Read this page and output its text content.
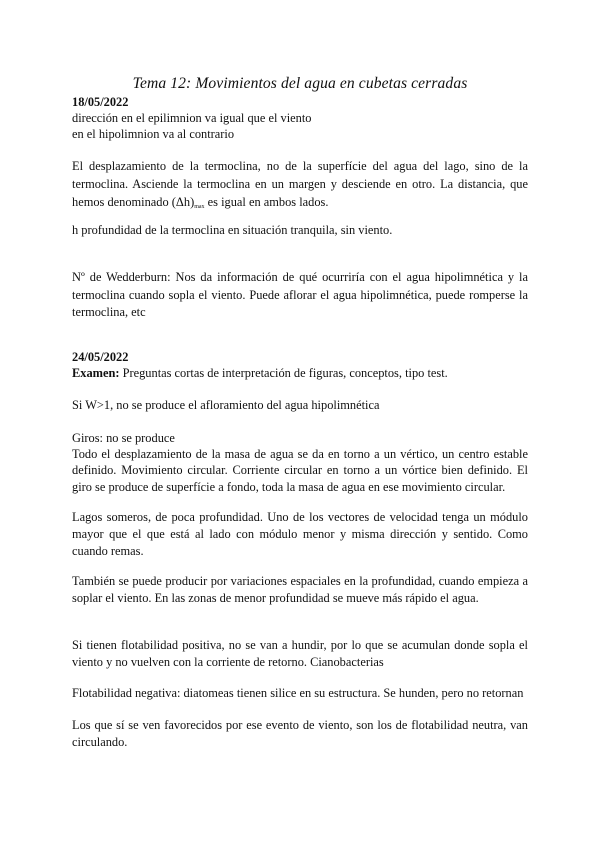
Tema 12: Movimientos del agua en cubetas cerradas
18/05/2022
dirección en el epilimnion va igual que el viento
en el hipolimnion va al contrario
El desplazamiento de la termoclina, no de la superfície del agua del lago, sino de la termoclina. Asciende la termoclina en un margen y desciende en otro. La distancia, que hemos denominado $(\Delta h)_{max}$ es igual en ambos lados.
h profundidad de la termoclina en situación tranquila, sin viento.
Nº de Wedderburn: Nos da información de qué ocurriría con el agua hipolimnética y la termoclina cuando sopla el viento. Puede aflorar el agua hipolimnética, puede romperse la termoclina, etc
24/05/2022
Examen: Preguntas cortas de interpretación de figuras, conceptos, tipo test.
Si W>1, no se produce el afloramiento del agua hipolimnética
Giros: no se produce
Todo el desplazamiento de la masa de agua se da en torno a un vértico, un centro estable definido. Movimiento circular. Corriente circular en torno a un vórtice bien definido. El giro se produce de superfície a fondo, toda la masa de agua en ese movimiento circular.
Lagos someros, de poca profundidad. Uno de los vectores de velocidad tenga un módulo mayor que el que está al lado con módulo menor y misma dirección y sentido. Como cuando remas.
También se puede producir por variaciones espaciales en la profundidad, cuando empieza a soplar el viento. En las zonas de menor profundidad se mueve más rápido el agua.
Si tienen flotabilidad positiva, no se van a hundir, por lo que se acumulan donde sopla el viento y no vuelven con la corriente de retorno. Cianobacterias
Flotabilidad negativa: diatomeas tienen silice en su estructura. Se hunden, pero no retornan
Los que sí se ven favorecidos por ese evento de viento, son los de flotabilidad neutra, van circulando.
